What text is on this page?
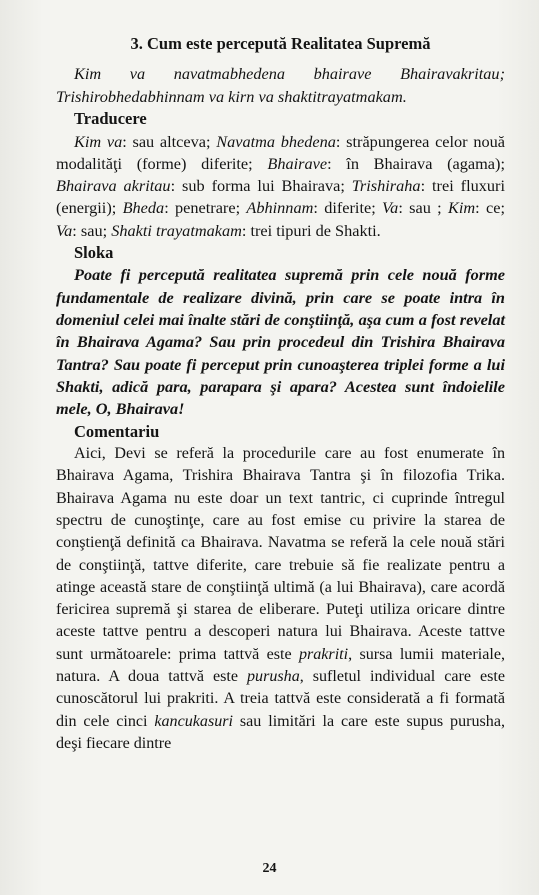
3. Cum este percepută Realitatea Supremă

Kim va navatmabhedena bhairave Bhairavakritau; Trishirobhedabhinnam va kirn va shaktitrayatmakam.

Traducere

Kim va: sau altceva; Navatma bhedena: străpungerea celor nouă modalităţi (forme) diferite; Bhairave: în Bhairava (agama); Bhairava akritau: sub forma lui Bhairava; Trishiraha: trei fluxuri (energii); Bheda: penetrare; Abhinnam: diferite; Va: sau ; Kim: ce; Va: sau; Shakti trayatmakam: trei tipuri de Shakti.

Sloka

Poate fi percepută realitatea supremă prin cele nouă forme fundamentale de realizare divină, prin care se poate intra în domeniul celei mai înalte stări de conştiinţă, aşa cum a fost revelat în Bhairava Agama? Sau prin procedeul din Trishira Bhairava Tantra? Sau poate fi perceput prin cunoaşterea triplei forme a lui Shakti, adică para, parapara şi apara? Acestea sunt îndoielile mele, O, Bhairava!

Comentariu

Aici, Devi se referă la procedurile care au fost enumerate în Bhairava Agama, Trishira Bhairava Tantra şi în filozofia Trika. Bhairava Agama nu este doar un text tantric, ci cuprinde întregul spectru de cunoştinţe, care au fost emise cu privire la starea de conştienţă definită ca Bhairava. Navatma se referă la cele nouă stări de conştiinţă, tattve diferite, care trebuie să fie realizate pentru a atinge această stare de conştiinţă ultimă (a lui Bhairava), care acordă fericirea supremă şi starea de eliberare. Puteţi utiliza oricare dintre aceste tattve pentru a descoperi natura lui Bhairava. Aceste tattve sunt următoarele: prima tattvă este prakriti, sursa lumii materiale, natura. A doua tattvă este purusha, sufletul individual care este cunoscătorul lui prakriti. A treia tattvă este considerată a fi formată din cele cinci kancukasuri sau limitări la care este supus purusha, deşi fiecare dintre

24
